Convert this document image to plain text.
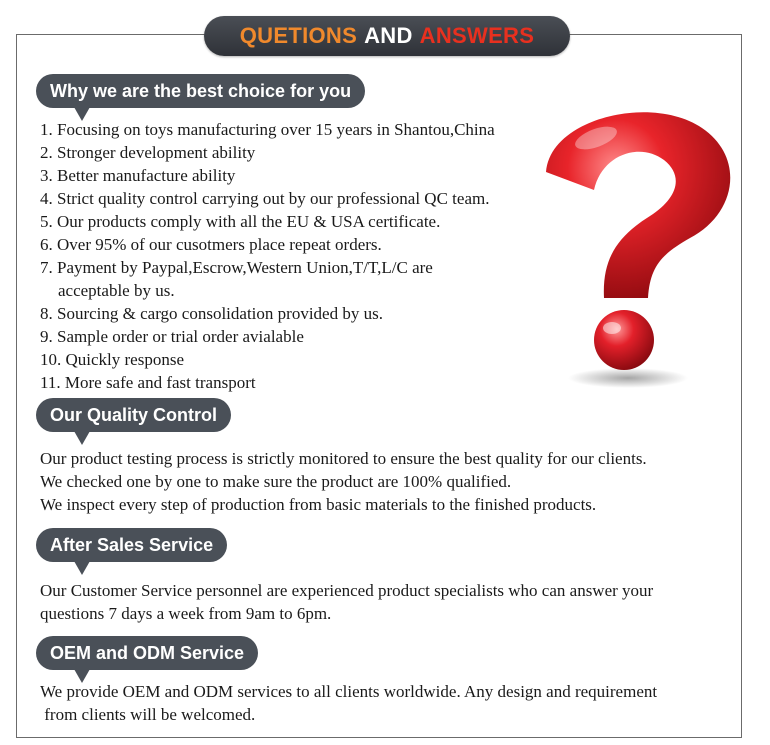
QUETIONS AND ANSWERS
Why we are the best choice for you

1. Focusing on toys manufacturing over 15 years in Shantou,China

2. Stronger development ability

3. Better manufacture ability

4. Strict quality control carrying out by our professional QC team.

5. Our products comply with all the EU & USA certificate.

6. Over 95% of our cusotmers place repeat orders.

7. Payment by Paypal,Escrow,Western Union,T/T,L/C are

acceptable by us.

8. Sourcing & cargo consolidation provided by us.

9. Sample order or trial order avialable

10. Quickly response

11. More safe and fast transport

Our Quality Control

Our product testing process is strictly monitored to ensure the best quality for our clients.

We checked one by one to make sure the product are 100% qualified.

We inspect every step of production from basic materials to the finished products.

After Sales Service

Our Customer Service personnel are experienced product specialists who can answer your

questions 7 days a week from 9am to 6pm.

OEM and ODM Service

We provide OEM and ODM services to all clients worldwide. Any design and requirement

from clients will be welcomed.
